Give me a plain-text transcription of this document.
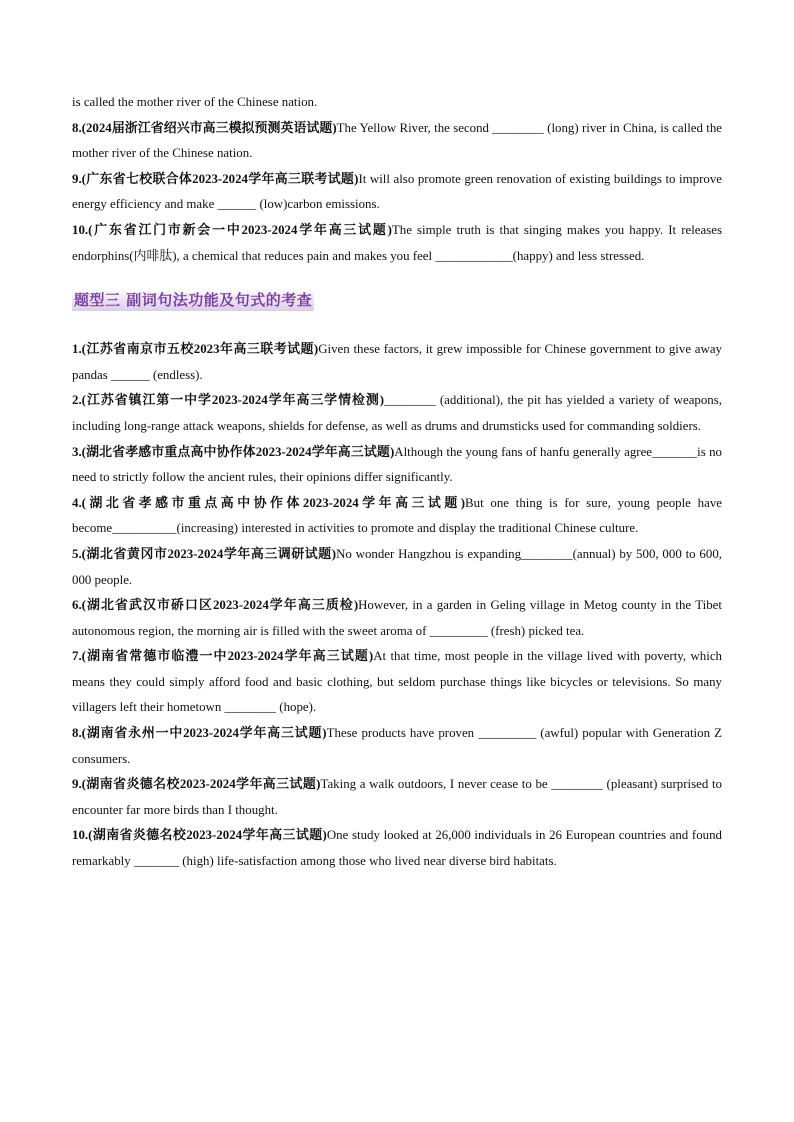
is called the mother river of the Chinese nation.

8.(2024届浙江省绍兴市高三模拟预测英语试题)The Yellow River, the second ________ (long) river in China, is called the mother river of the Chinese nation.

9.(广东省七校联合体2023-2024学年高三联考试题)It will also promote green renovation of existing buildings to improve energy efficiency and make ______ (low)carbon emissions.

10.(广东省江门市新会一中2023-2024学年高三试题)The simple truth is that singing makes you happy. It releases endorphins(内啡肽), a chemical that reduces pain and makes you feel ____________(happy) and less stressed.

题型三 副词句法功能及句式的考查

1.(江苏省南京市五校2023年高三联考试题)Given these factors, it grew impossible for Chinese government to give away pandas ______ (endless).

2.(江苏省镇江第一中学2023-2024学年高三学情检测)________ (additional), the pit has yielded a variety of weapons, including long-range attack weapons, shields for defense, as well as drums and drumsticks used for commanding soldiers.

3.(湖北省孝感市重点高中协作体2023-2024学年高三试题)Although the young fans of hanfu generally agree_______is no need to strictly follow the ancient rules, their opinions differ significantly.

4.(湖北省孝感市重点高中协作体2023-2024学年高三试题)But one thing is for sure, young people have become__________(increasing) interested in activities to promote and display the traditional Chinese culture.

5.(湖北省黄冈市2023-2024学年高三调研试题)No wonder Hangzhou is expanding________(annual) by 500, 000 to 600, 000 people.

6.(湖北省武汉市硚口区2023-2024学年高三质检)However, in a garden in Geling village in Metog county in the Tibet autonomous region, the morning air is filled with the sweet aroma of _________ (fresh) picked tea.

7.(湖南省常德市临澧一中2023-2024学年高三试题)At that time, most people in the village lived with poverty, which means they could simply afford food and basic clothing, but seldom purchase things like bicycles or televisions. So many villagers left their hometown ________ (hope).

8.(湖南省永州一中2023-2024学年高三试题)These products have proven _________ (awful) popular with Generation Z consumers.

9.(湖南省炎德名校2023-2024学年高三试题)Taking a walk outdoors, I never cease to be ________ (pleasant) surprised to encounter far more birds than I thought.

10.(湖南省炎德名校2023-2024学年高三试题)One study looked at 26,000 individuals in 26 European countries and found remarkably _______ (high) life-satisfaction among those who lived near diverse bird habitats.
